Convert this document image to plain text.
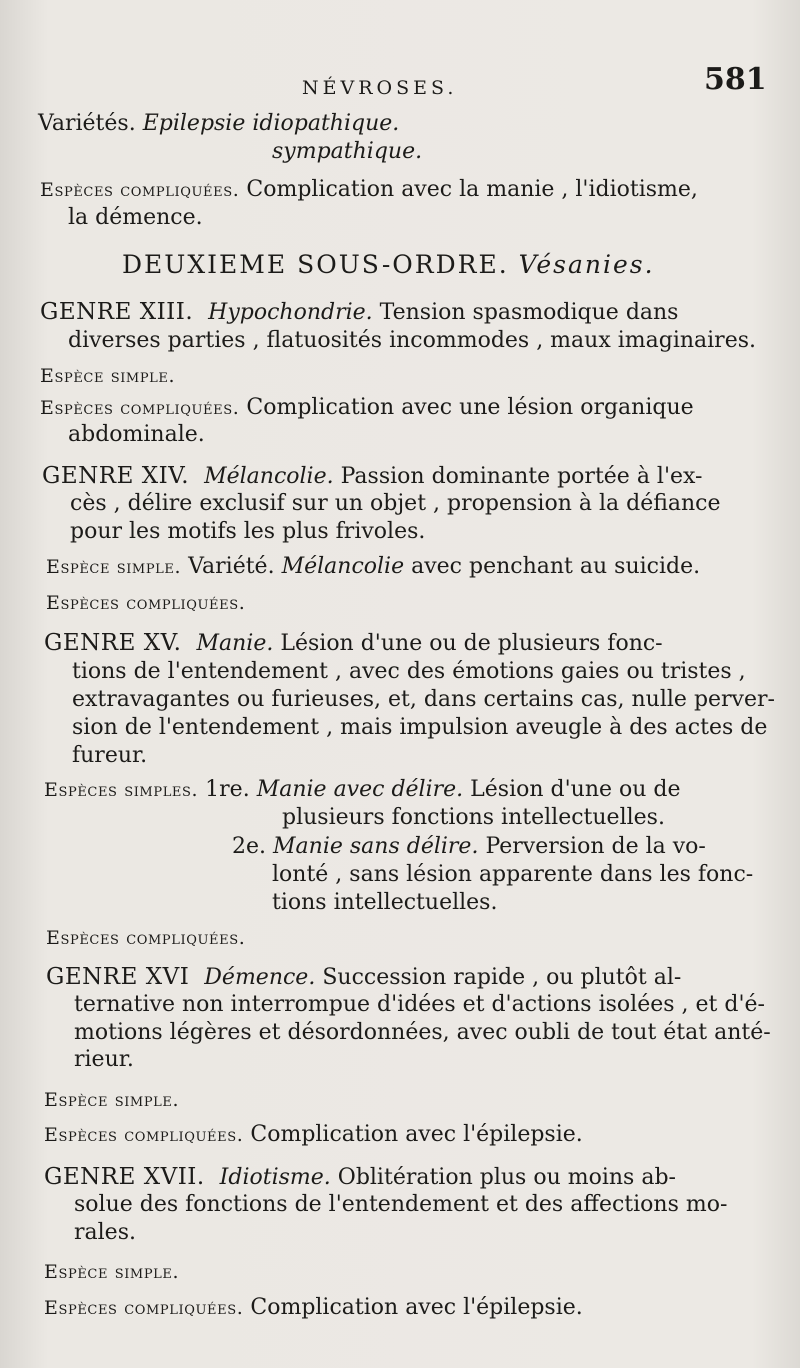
NÉVROSES.	581
Variétés. Epilepsie idiopathique.
sympathique.
Espèces compliquées. Complication avec la manie , l'idiotisme,
la démence.
DEUXIEME SOUS-ORDRE. Vésanies.
GENRE XIII. Hypochondrie. Tension spasmodique dans
diverses parties , flatuosités incommodes , maux imaginaires.
Espèce simple.
Espèces compliquées. Complication avec une lésion organique
abdominale.
GENRE XIV. Mélancolie. Passion dominante portée à l'ex-
cès , délire exclusif sur un objet , propension à la défiance
pour les motifs les plus frivoles.
Espèce simple. Variété. Mélancolie avec penchant au suicide.
Espèces compliquées.
GENRE XV. Manie. Lésion d'une ou de plusieurs fonc-
tions de l'entendement , avec des émotions gaies ou tristes ,
extravagantes ou furieuses, et, dans certains cas, nulle perver-
sion de l'entendement , mais impulsion aveugle à des actes de
fureur.
Espèces simples. 1re. Manie avec délire. Lésion d'une ou de
plusieurs fonctions intellectuelles.
2e. Manie sans délire. Perversion de la vo-
lonté , sans lésion apparente dans les fonc-
tions intellectuelles.
Espèces compliquées.
GENRE XVI Démence. Succession rapide , ou plutôt al-
ternative non interrompue d'idées et d'actions isolées , et d'é-
motions légères et désordonnées, avec oubli de tout état anté-
rieur.
Espèce simple.
Espèces compliquées. Complication avec l'épilepsie.
GENRE XVII. Idiotisme. Oblitération plus ou moins ab-
solue des fonctions de l'entendement et des affections mo-
rales.
Espèce simple.
Espèces compliquées. Complication avec l'épilepsie.
